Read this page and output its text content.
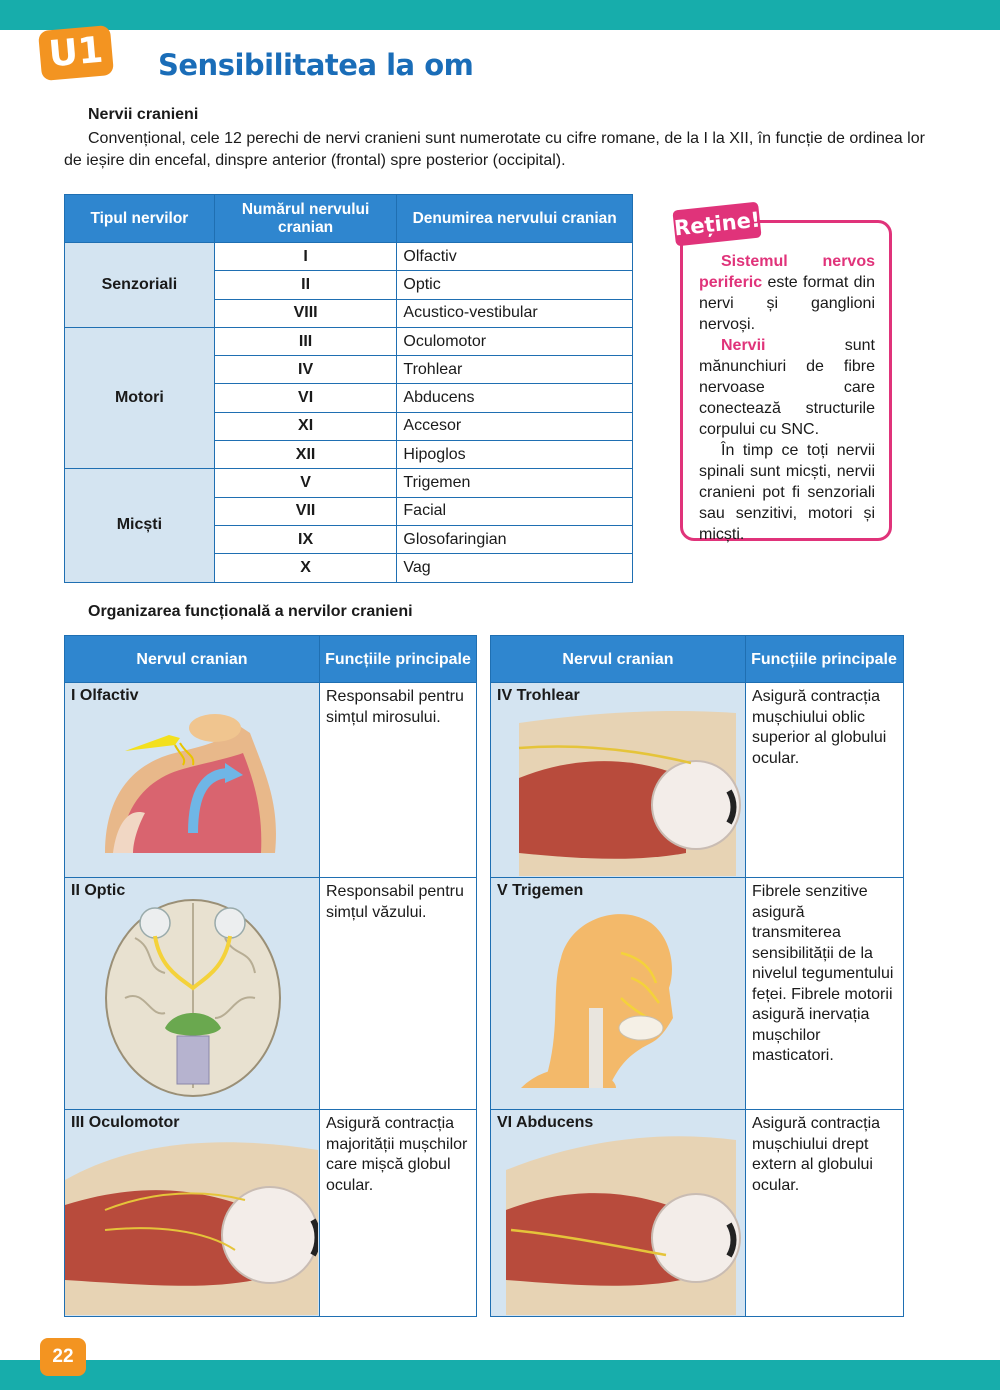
U1	Sensibilitatea la om
Nervii cranieni
Convențional, cele 12 perechi de nervi cranieni sunt numerotate cu cifre romane, de la I la XII, în funcție de ordinea lor de ieșire din encefal, dinspre anterior (frontal) spre posterior (occipital).
Tipul nervilor	Numărul nervului cranian	Denumirea nervului cranian
Senzoriali	I	Olfactiv
	II	Optic
	VIII	Acustico-vestibular
Motori	III	Oculomotor
	IV	Trohlear
	VI	Abducens
	XI	Accesor
	XII	Hipoglos
Micști	V	Trigemen
	VII	Facial
	IX	Glosofaringian
	X	Vag

Sistemul nervos periferic este format din nervi și ganglioni nervoși.

Nervii sunt mănunchiuri de fibre nervoase care conectează structurile corpului cu SNC.

În timp ce toți nervii spinali sunt micști, nervii cranieni pot fi senzoriali sau senzitivi, motori și micști.

Reține!
Organizarea funcțională a nervilor cranieni
Nervul cranian	Funcțiile principale
I Olfactiv	Responsabil pentru simțul mirosului.
II Optic	Responsabil pentru simțul văzului.
III Oculomotor	Asigură contracția majorității mușchilor care mișcă globul ocular.
Nervul cranian	Funcțiile principale
IV Trohlear	Asigură contracția mușchiului oblic superior al globului ocular.
V Trigemen	Fibrele senzitive asigură transmiterea sensibilității de la nivelul tegumentului feței. Fibrele motorii asigură inervația mușchilor masticatori.
VI Abducens	Asigură contracția mușchiului drept extern al globului ocular.
22
